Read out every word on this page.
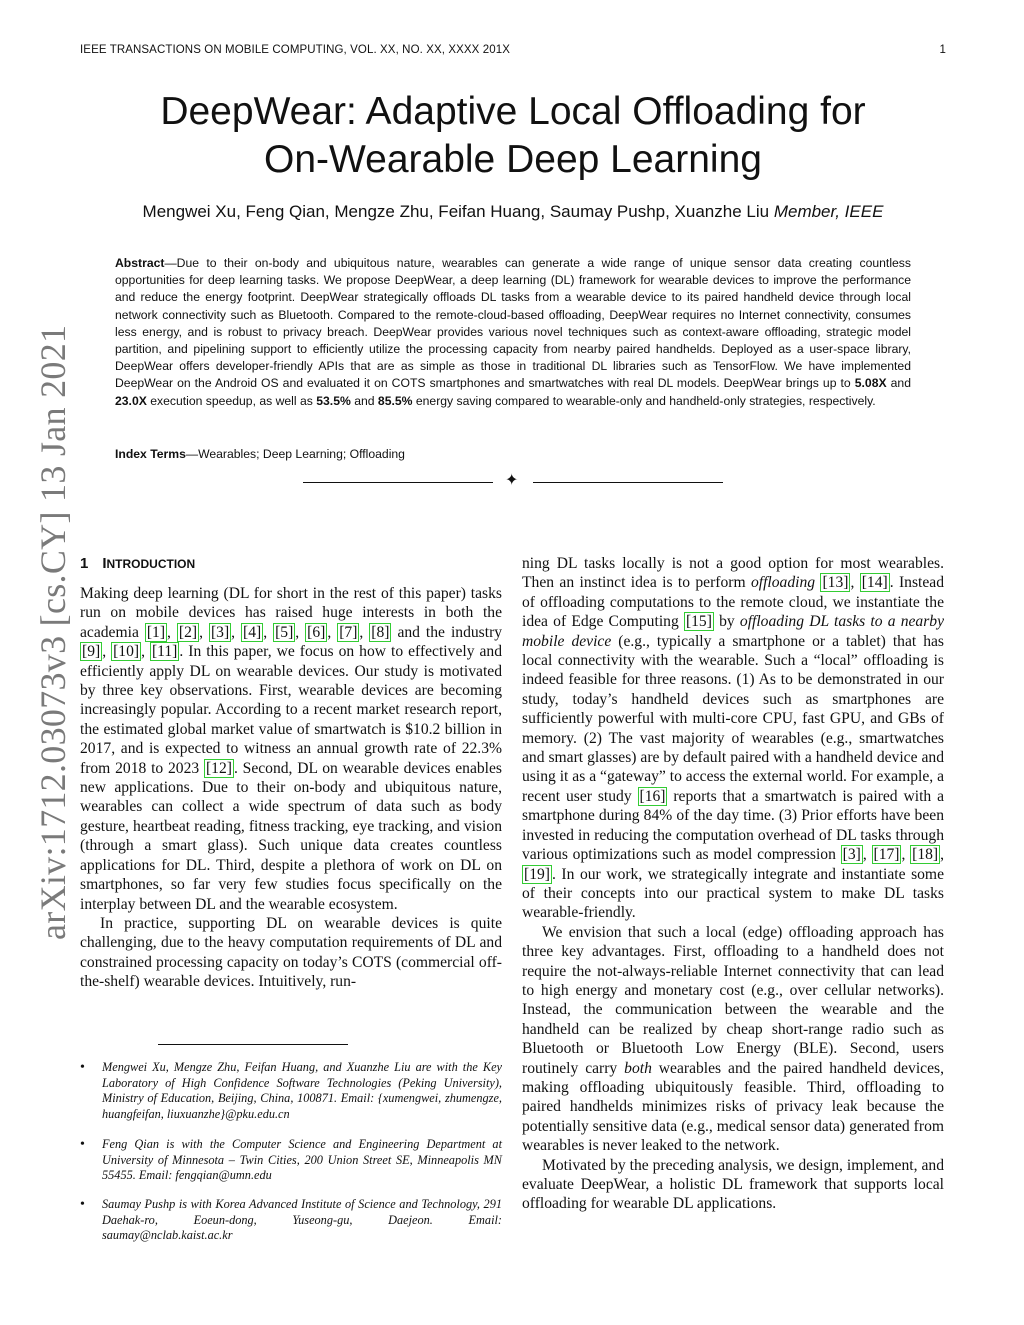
IEEE TRANSACTIONS ON MOBILE COMPUTING, VOL. XX, NO. XX, XXXX 201X	1
DeepWear: Adaptive Local Offloading for
On-Wearable Deep Learning
Mengwei Xu, Feng Qian, Mengze Zhu, Feifan Huang, Saumay Pushp, Xuanzhe Liu Member, IEEE
Abstract—Due to their on-body and ubiquitous nature, wearables can generate a wide range of unique sensor data creating countless opportunities for deep learning tasks. We propose DeepWear, a deep learning (DL) framework for wearable devices to improve the performance and reduce the energy footprint. DeepWear strategically offloads DL tasks from a wearable device to its paired handheld device through local network connectivity such as Bluetooth. Compared to the remote-cloud-based offloading, DeepWear requires no Internet connectivity, consumes less energy, and is robust to privacy breach. DeepWear provides various novel techniques such as context-aware offloading, strategic model partition, and pipelining support to efficiently utilize the processing capacity from nearby paired handhelds. Deployed as a user-space library, DeepWear offers developer-friendly APIs that are as simple as those in traditional DL libraries such as TensorFlow. We have implemented DeepWear on the Android OS and evaluated it on COTS smartphones and smartwatches with real DL models. DeepWear brings up to 5.08X and 23.0X execution speedup, as well as 53.5% and 85.5% energy saving compared to wearable-only and handheld-only strategies, respectively.
Index Terms—Wearables; Deep Learning; Offloading
✦
arXiv:1712.03073v3 [cs.CY] 13 Jan 2021 1 INTRODUCTION

Making deep learning (DL for short in the rest of this paper) tasks run on mobile devices has raised huge interests in both the academia [1] , [2] , [3] , [4] , [5] , [6] , [7] , [8] and the industry [9] , [10] , [11] . In this paper, we focus on how to effectively and efficiently apply DL on wearable devices. Our study is motivated by three key observations. First, wearable devices are becoming increasingly popular. According to a recent market research report, the estimated global market value of smartwatch is $10.2 billion in 2017, and is expected to witness an annual growth rate of 22.3% from 2018 to 2023 [12] . Second, DL on wearable devices enables new applications. Due to their on-body and ubiquitous nature, wearables can collect a wide spectrum of data such as body gesture, heartbeat reading, fitness tracking, eye tracking, and vision (through a smart glass). Such unique data creates countless applications for DL. Third, despite a plethora of work on DL on smartphones, so far very few studies focus specifically on the interplay between DL and the wearable ecosystem.

In practice, supporting DL on wearable devices is quite challenging, due to the heavy computation requirements of DL and constrained processing capacity on today’s COTS (commercial off-the-shelf) wearable devices. Intuitively, run-

• Mengwei Xu, Mengze Zhu, Feifan Huang, and Xuanzhe Liu are with the Key Laboratory of High Confidence Software Technologies (Peking University), Ministry of Education, Beijing, China, 100871. Email: {xumengwei, zhumengze, huangfeifan, liuxuanzhe}@pku.edu.cn
• Feng Qian is with the Computer Science and Engineering Department at University of Minnesota – Twin Cities, 200 Union Street SE, Minneapolis MN 55455. Email: fengqian@umn.edu
• Saumay Pushp is with Korea Advanced Institute of Science and Technology, 291 Daehak-ro, Eoeun-dong, Yuseong-gu, Daejeon. Email: saumay@nclab.kaist.ac.kr

ning DL tasks locally is not a good option for most wearables. Then an instinct idea is to perform offloading [13] , [14] . Instead of offloading computations to the remote cloud, we instantiate the idea of Edge Computing [15] by offloading DL tasks to a nearby mobile device (e.g., typically a smartphone or a tablet) that has local connectivity with the wearable. Such a “local” offloading is indeed feasible for three reasons. (1) As to be demonstrated in our study, today’s handheld devices such as smartphones are sufficiently powerful with multi-core CPU, fast GPU, and GBs of memory. (2) The vast majority of wearables (e.g., smartwatches and smart glasses) are by default paired with a handheld device and using it as a “gateway” to access the external world. For example, a recent user study [16] reports that a smartwatch is paired with a smartphone during 84% of the day time. (3) Prior efforts have been invested in reducing the computation overhead of DL tasks through various optimizations such as model compression [3] , [17] , [18] , [19] . In our work, we strategically integrate and instantiate some of their concepts into our practical system to make DL tasks wearable-friendly.

We envision that such a local (edge) offloading approach has three key advantages. First, offloading to a handheld does not require the not-always-reliable Internet connectivity that can lead to high energy and monetary cost (e.g., over cellular networks). Instead, the communication between the wearable and the handheld can be realized by cheap short-range radio such as Bluetooth or Bluetooth Low Energy (BLE). Second, users routinely carry both wearables and the paired handheld devices, making offloading ubiquitously feasible. Third, offloading to paired handhelds minimizes risks of privacy leak because the potentially sensitive data (e.g., medical sensor data) generated from wearables is never leaked to the network.

Motivated by the preceding analysis, we design, implement, and evaluate DeepWear, a holistic DL framework that supports local offloading for wearable DL applications.
